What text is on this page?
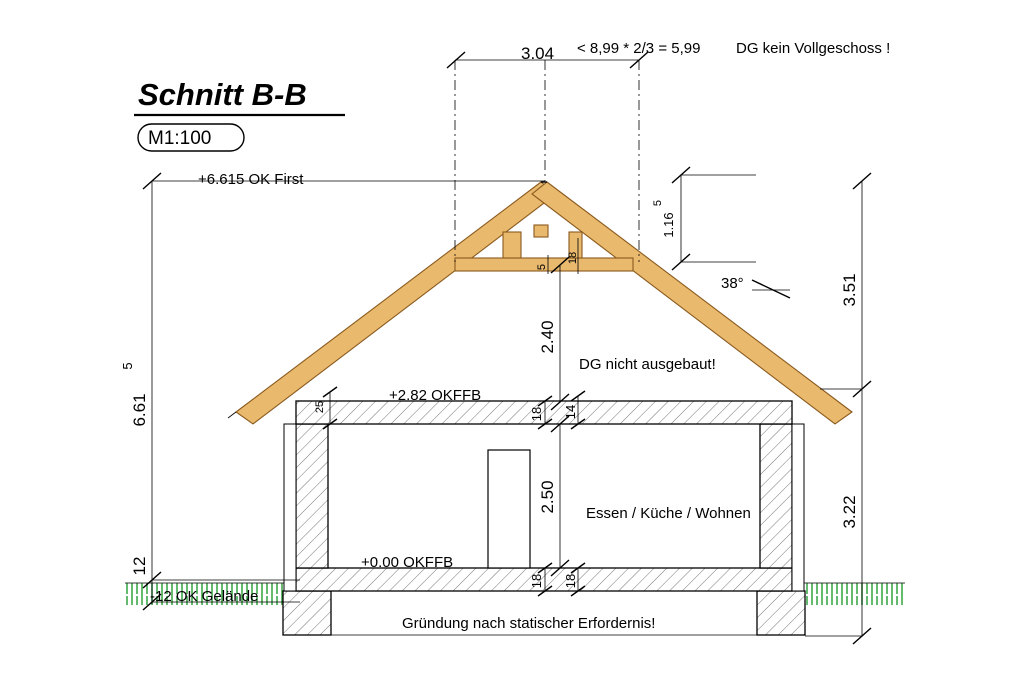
Schnitt B-B
M1:100
3.04 < 8,99 * 2/3 = 5,99 DG kein Vollgeschoss !
+6.615 OK First
+2.82 OKFFB
+0.00 OKFFB
-12 OK Gelände
DG nicht ausgebaut!
Essen / Küche / Wohnen
Gründung nach statischer Erfordernis!
38°
6.61
5
12
3.51
3.22
1.16
5
2.40
2.50
18 14
18 18
5
18
25
